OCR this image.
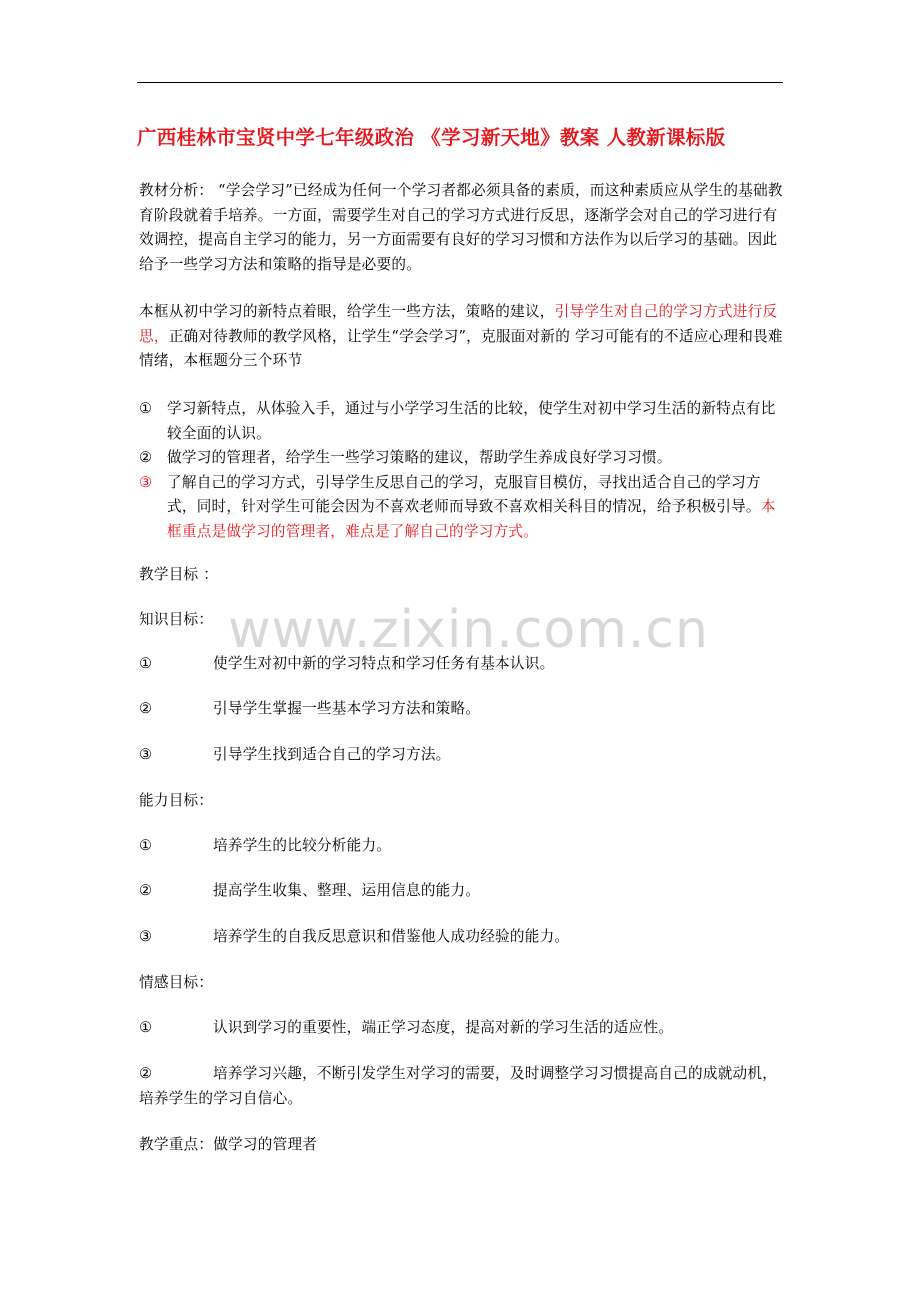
广西桂林市宝贤中学七年级政治 《学习新天地》教案 人教新课标版
www.zixin.com.cn
教材分析： “学会学习”已经成为任何一个学习者都必须具备的素质，而这种素质应从学生的基础教育阶段就着手培养。一方面，需要学生对自己的学习方式进行反思，逐渐学会对自己的学习进行有效调控，提高自主学习的能力，另一方面需要有良好的学习习惯和方法作为以后学习的基础。因此给予一些学习方法和策略的指导是必要的。
本框从初中学习的新特点着眼，给学生一些方法，策略的建议，引导学生对自己的学习方式进行反思，正确对待教师的教学风格，让学生“学会学习”，克服面对新的 学习可能有的不适应心理和畏难情绪，本框题分三个环节
① 学习新特点，从体验入手，通过与小学学习生活的比较，使学生对初中学习生活的新特点有比较全面的认识。
② 做学习的管理者，给学生一些学习策略的建议，帮助学生养成良好学习习惯。
③ 了解自己的学习方式，引导学生反思自己的学习，克服盲目模仿，寻找出适合自己的学习方式，同时，针对学生可能会因为不喜欢老师而导致不喜欢相关科目的情况，给予积极引导。本框重点是做学习的管理者，难点是了解自己的学习方式。
教学目标 ：
知识目标：
①	使学生对初中新的学习特点和学习任务有基本认识。
②	引导学生掌握一些基本学习方法和策略。
③	引导学生找到适合自己的学习方法。
能力目标：
①	培养学生的比较分析能力。
②	提高学生收集、整理、运用信息的能力。
③	培养学生的自我反思意识和借鉴他人成功经验的能力。
情感目标：
①	认识到学习的重要性，端正学习态度，提高对新的学习生活的适应性。
②	培养学习兴趣，不断引发学生对学习的需要，及时调整学习习惯提高自己的成就动机，培养学生的学习自信心。
教学重点：做学习的管理者
